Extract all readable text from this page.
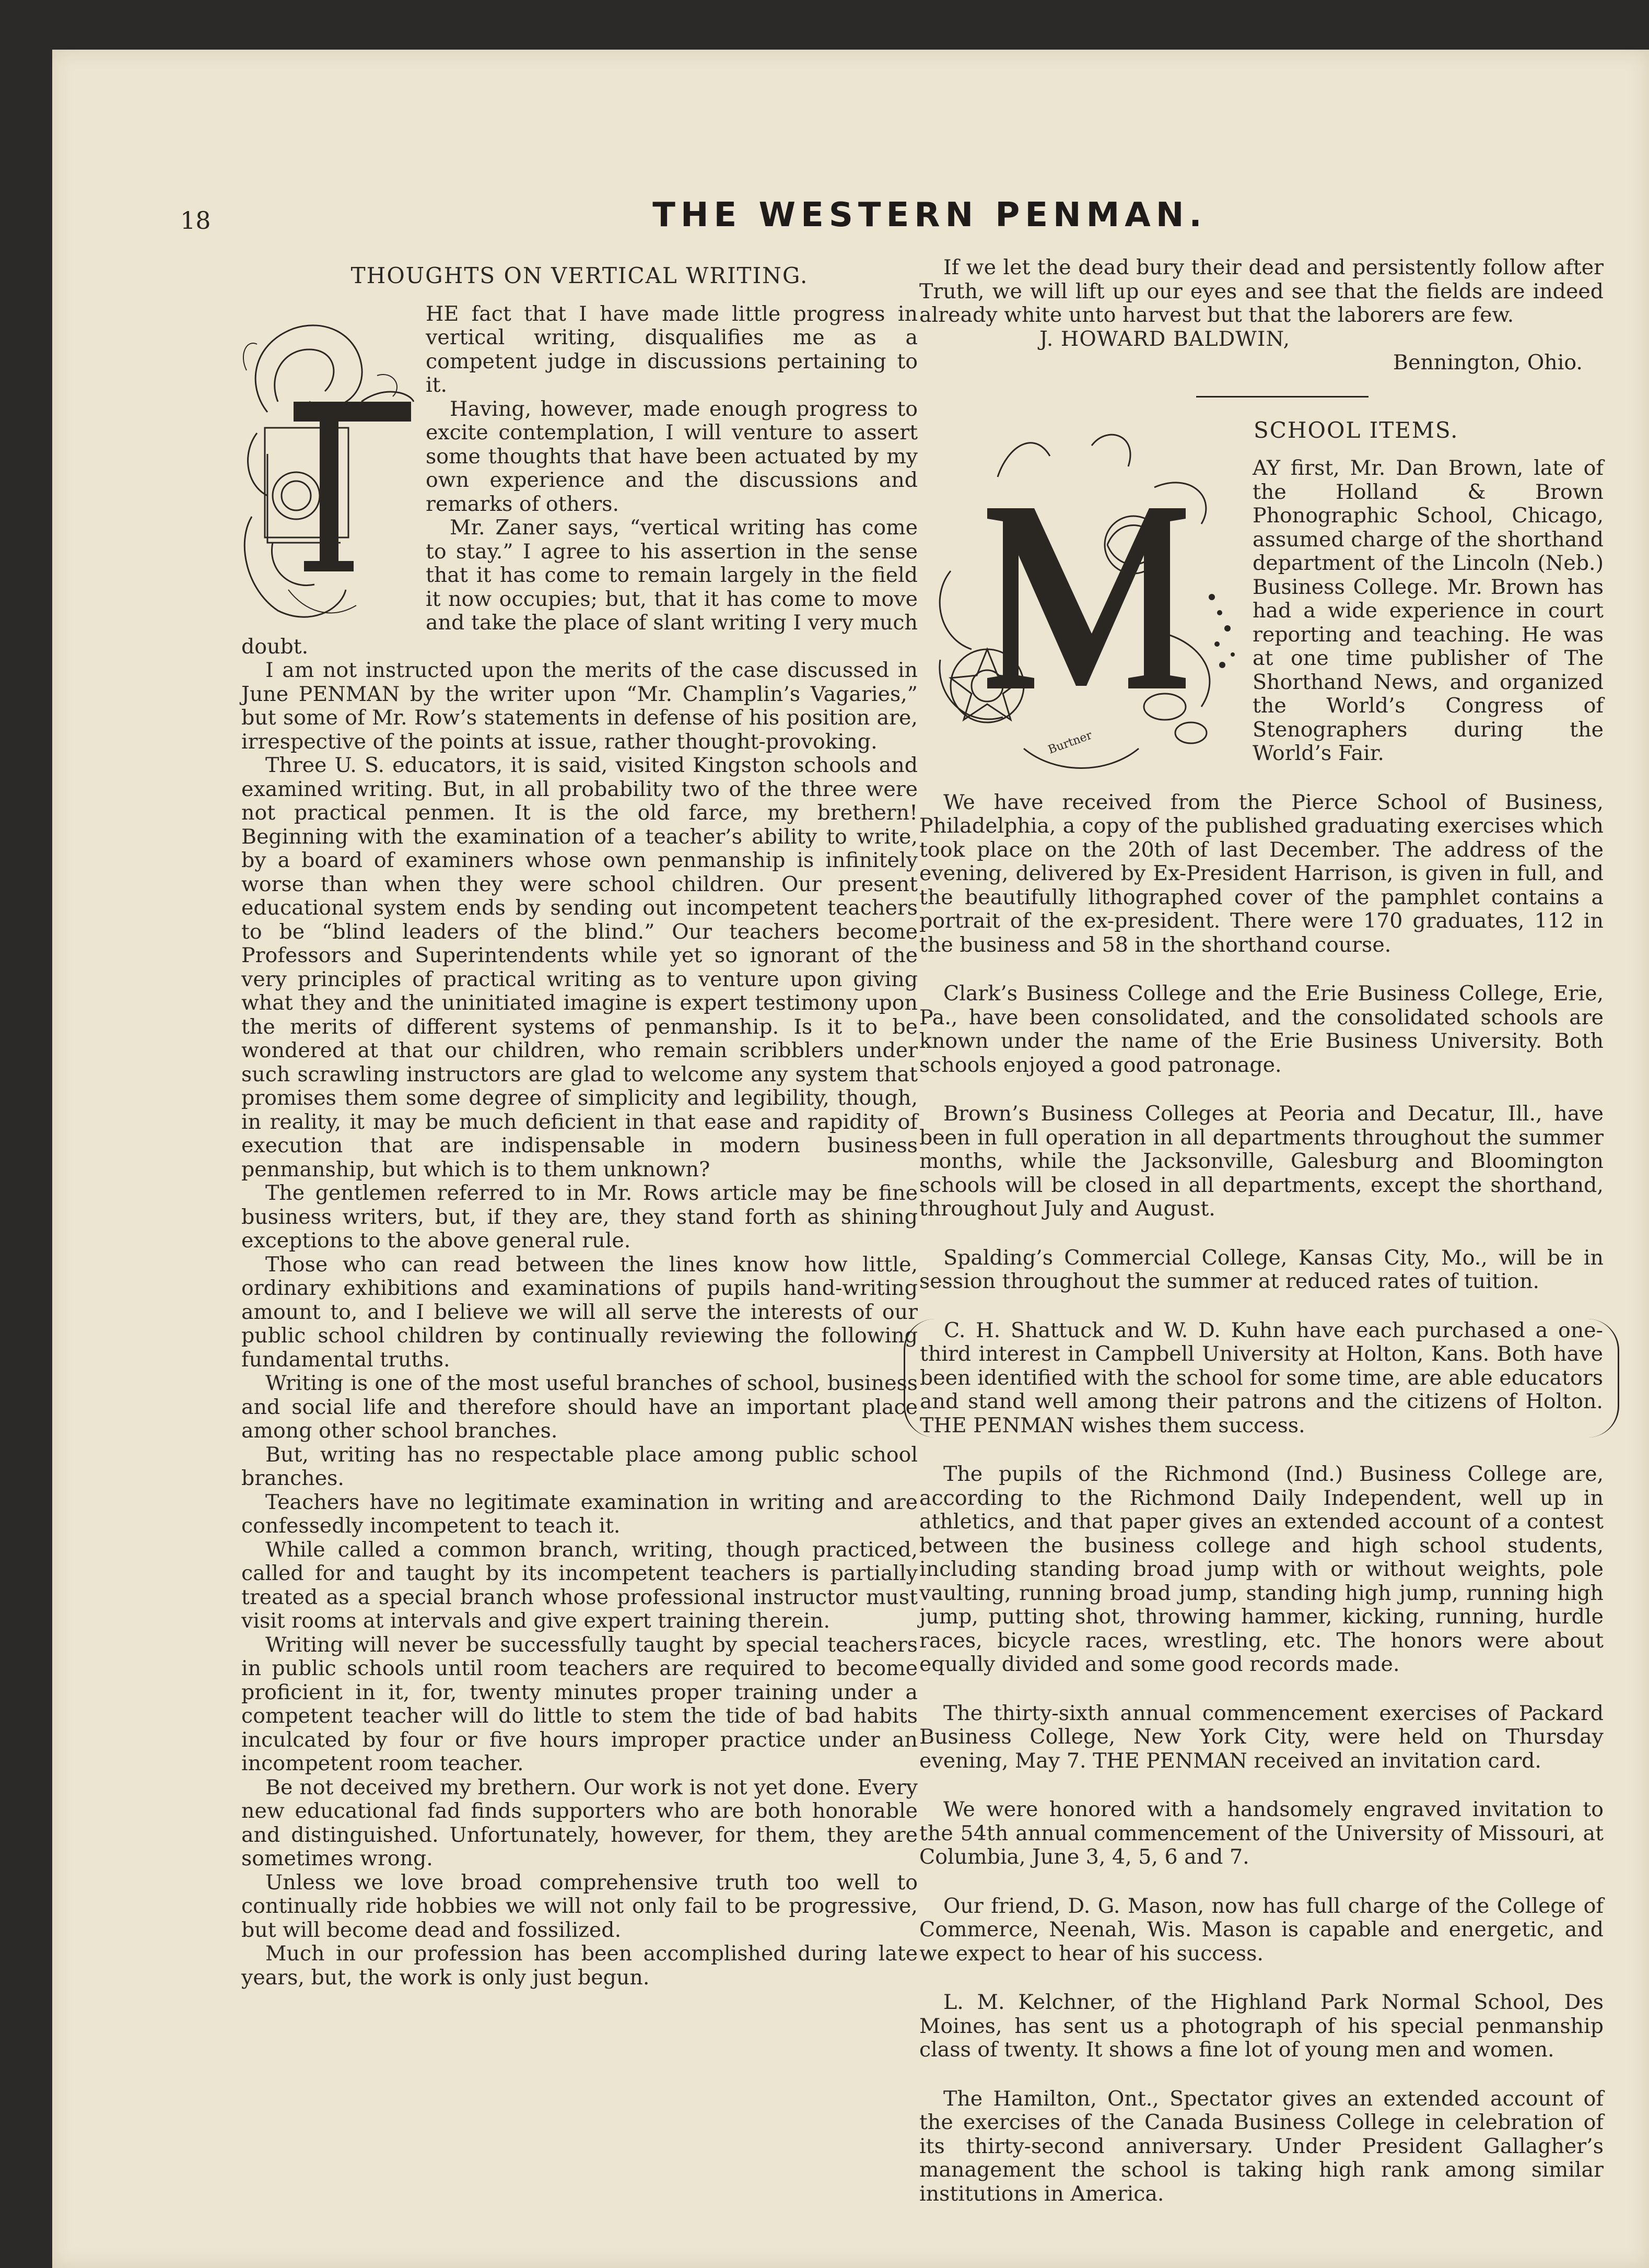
18	THE WESTERN PENMAN.
THOUGHTS ON VERTICAL WRITING.

HE fact that I have made little progress in vertical writing, disqualifies me as a competent judge in discussions pertaining to it.

Having, however, made enough progress to excite contemplation, I will venture to assert some thoughts that have been actuated by my own experience and the discussions and remarks of others.

Mr. Zaner says, “vertical writing has come to stay.” I agree to his assertion in the sense that it has come to remain largely in the field it now occupies; but, that it has come to move and take the place of slant writing I very much doubt.

I am not instructed upon the merits of the case discussed in June PENMAN by the writer upon “Mr. Champlin’s Vagaries,” but some of Mr. Row’s statements in defense of his position are, irrespective of the points at issue, rather thought-provoking.

Three U. S. educators, it is said, visited Kingston schools and examined writing. But, in all probability two of the three were not practical penmen. It is the old farce, my brethern! Beginning with the examination of a teacher’s ability to write, by a board of examiners whose own penmanship is infinitely worse than when they were school children. Our present educational system ends by sending out incompetent teachers to be “blind leaders of the blind.” Our teachers become Professors and Superintendents while yet so ignorant of the very principles of practical writing as to venture upon giving what they and the uninitiated imagine is expert testimony upon the merits of different systems of penmanship. Is it to be wondered at that our children, who remain scribblers under such scrawling instructors are glad to welcome any system that promises them some degree of simplicity and legibility, though, in reality, it may be much deficient in that ease and rapidity of execution that are indispensable in modern business penmanship, but which is to them unknown?

The gentlemen referred to in Mr. Rows article may be fine business writers, but, if they are, they stand forth as shining exceptions to the above general rule.

Those who can read between the lines know how little, ordinary exhibitions and examinations of pupils hand-writing amount to, and I believe we will all serve the interests of our public school children by continually reviewing the following fundamental truths.

Writing is one of the most useful branches of school, business and social life and therefore should have an important place among other school branches.

But, writing has no respectable place among public school branches.

Teachers have no legitimate examination in writing and are confessedly incompetent to teach it.

While called a common branch, writing, though practiced, called for and taught by its incompetent teachers is partially treated as a special branch whose professional instructor must visit rooms at intervals and give expert training therein.

Writing will never be successfully taught by special teachers in public schools until room teachers are required to become proficient in it, for, twenty minutes proper training under a competent teacher will do little to stem the tide of bad habits inculcated by four or five hours improper practice under an incompetent room teacher.

Be not deceived my brethern. Our work is not yet done. Every new educational fad finds supporters who are both honorable and distinguished. Unfortunately, however, for them, they are sometimes wrong.

Unless we love broad comprehensive truth too well to continually ride hobbies we will not only fail to be progressive, but will become dead and fossilized.

Much in our profession has been accomplished during late years, but, the work is only just begun.

If we let the dead bury their dead and persistently follow after Truth, we will lift up our eyes and see that the fields are indeed already white unto harvest but that the laborers are few.

J. HOWARD BALDWIN,
Bennington, Ohio.

Burtner
SCHOOL ITEMS.

AY first, Mr. Dan Brown, late of the Holland & Brown Phonographic School, Chicago, assumed charge of the shorthand department of the Lincoln (Neb.) Business College. Mr. Brown has had a wide experience in court reporting and teaching. He was at one time publisher of The Shorthand News, and organized the World’s Congress of Stenographers during the World’s Fair.

We have received from the Pierce School of Business, Philadelphia, a copy of the published graduating exercises which took place on the 20th of last December. The address of the evening, delivered by Ex-President Harrison, is given in full, and the beautifully lithographed cover of the pamphlet contains a portrait of the ex-president. There were 170 graduates, 112 in the business and 58 in the shorthand course.

Clark’s Business College and the Erie Business College, Erie, Pa., have been consolidated, and the consolidated schools are known under the name of the Erie Business University. Both schools enjoyed a good patronage.

Brown’s Business Colleges at Peoria and Decatur, Ill., have been in full operation in all departments throughout the summer months, while the Jacksonville, Galesburg and Bloomington schools will be closed in all departments, except the shorthand, throughout July and August.

Spalding’s Commercial College, Kansas City, Mo., will be in session throughout the summer at reduced rates of tuition.

C. H. Shattuck and W. D. Kuhn have each purchased a one-third interest in Campbell University at Holton, Kans. Both have been identified with the school for some time, are able educators and stand well among their patrons and the citizens of Holton. THE PENMAN wishes them success.

The pupils of the Richmond (Ind.) Business College are, according to the Richmond Daily Independent, well up in athletics, and that paper gives an extended account of a contest between the business college and high school students, including standing broad jump with or without weights, pole vaulting, running broad jump, standing high jump, running high jump, putting shot, throwing hammer, kicking, running, hurdle races, bicycle races, wrestling, etc. The honors were about equally divided and some good records made.

The thirty-sixth annual commencement exercises of Packard Business College, New York City, were held on Thursday evening, May 7. THE PENMAN received an invitation card.

We were honored with a handsomely engraved invitation to the 54th annual commencement of the University of Missouri, at Columbia, June 3, 4, 5, 6 and 7.

Our friend, D. G. Mason, now has full charge of the College of Commerce, Neenah, Wis. Mason is capable and energetic, and we expect to hear of his success.

L. M. Kelchner, of the Highland Park Normal School, Des Moines, has sent us a photograph of his special penmanship class of twenty. It shows a fine lot of young men and women.

The Hamilton, Ont., Spectator gives an extended account of the exercises of the Canada Business College in celebration of its thirty-second anniversary. Under President Gallagher’s management the school is taking high rank among similar institutions in America.
